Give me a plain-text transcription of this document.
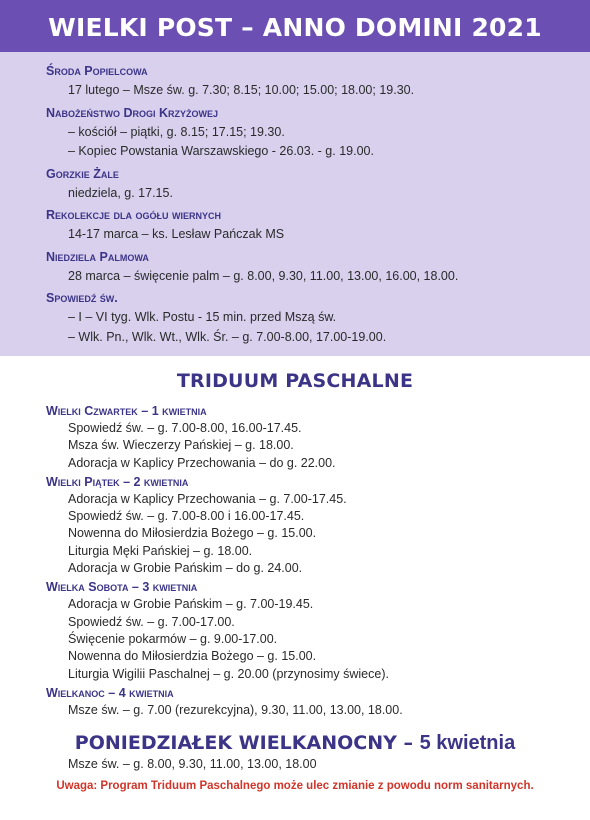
WIELKI POST – ANNO DOMINI 2021
Środa Popielcowa
17 lutego – Msze św. g. 7.30; 8.15; 10.00; 15.00; 18.00; 19.30.
Nabożeństwo Drogi Krzyżowej
– kościół – piątki, g. 8.15; 17.15; 19.30.
– Kopiec Powstania Warszawskiego - 26.03. - g. 19.00.
Gorzkie Żale
niedziela, g. 17.15.
Rekolekcje dla ogółu wiernych
14-17 marca – ks. Lesław Pańczak MS
Niedziela Palmowa
28 marca – święcenie palm – g. 8.00, 9.30, 11.00, 13.00, 16.00, 18.00.
Spowiedź św.
– I – VI tyg. Wlk. Postu - 15 min. przed Mszą św.
– Wlk. Pn., Wlk. Wt., Wlk. Śr. – g. 7.00-8.00, 17.00-19.00.
TRIDUUM PASCHALNE
Wielki Czwartek – 1 kwietnia
Spowiedź św. – g. 7.00-8.00, 16.00-17.45.
Msza św. Wieczerzy Pańskiej – g. 18.00.
Adoracja w Kaplicy Przechowania – do g. 22.00.
Wielki Piątek – 2 kwietnia
Adoracja w Kaplicy Przechowania – g. 7.00-17.45.
Spowiedź św. – g. 7.00-8.00 i 16.00-17.45.
Nowenna do Miłosierdzia Bożego – g. 15.00.
Liturgia Męki Pańskiej – g. 18.00.
Adoracja w Grobie Pańskim – do g. 24.00.
Wielka Sobota – 3 kwietnia
Adoracja w Grobie Pańskim – g. 7.00-19.45.
Spowiedź św. – g. 7.00-17.00.
Święcenie pokarmów – g. 9.00-17.00.
Nowenna do Miłosierdzia Bożego – g. 15.00.
Liturgia Wigilii Paschalnej – g. 20.00 (przynosimy świece).
Wielkanoc – 4 kwietnia
Msze św. – g. 7.00 (rezurekcyjna), 9.30, 11.00, 13.00, 18.00.
PONIEDZIAŁEK WIELKANOCNY – 5 kwietnia
Msze św. – g. 8.00, 9.30, 11.00, 13.00, 18.00
Uwaga: Program Triduum Paschalnego może ulec zmianie z powodu norm sanitarnych.
